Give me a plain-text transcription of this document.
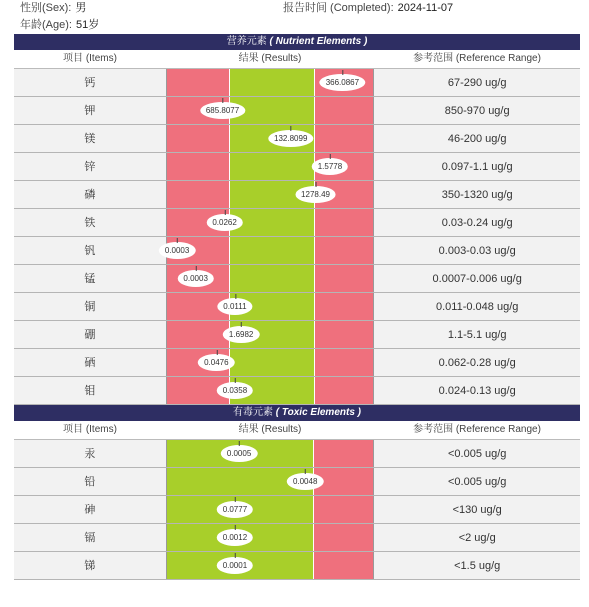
性别(Sex): 男
年龄(Age): 51岁
报告时间 (Completed): 2024-11-07
营养元素 ( Nutrient Elements )
项目 (Items)	结果 (Results)	参考范围 (Reference Range)
钙	366.0867	67-290 ug/g
钾	685.8077	850-970 ug/g
镁	132.8099	46-200 ug/g
锌	1.5778	0.097-1.1 ug/g
磷	1278.49	350-1320 ug/g
铁	0.0262	0.03-0.24 ug/g
钒	0.0003	0.003-0.03 ug/g
锰	0.0003	0.0007-0.006 ug/g
铜	0.0111	0.011-0.048 ug/g
硼	1.6982	1.1-5.1 ug/g
硒	0.0476	0.062-0.28 ug/g
钼	0.0358	0.024-0.13 ug/g
有毒元素 ( Toxic Elements )
项目 (Items)	结果 (Results)	参考范围 (Reference Range)
汞	0.0005	<0.005 ug/g
铅	0.0048	<0.005 ug/g
砷	0.0777	<130 ug/g
镉	0.0012	<2 ug/g
锑	0.0001	<1.5 ug/g
